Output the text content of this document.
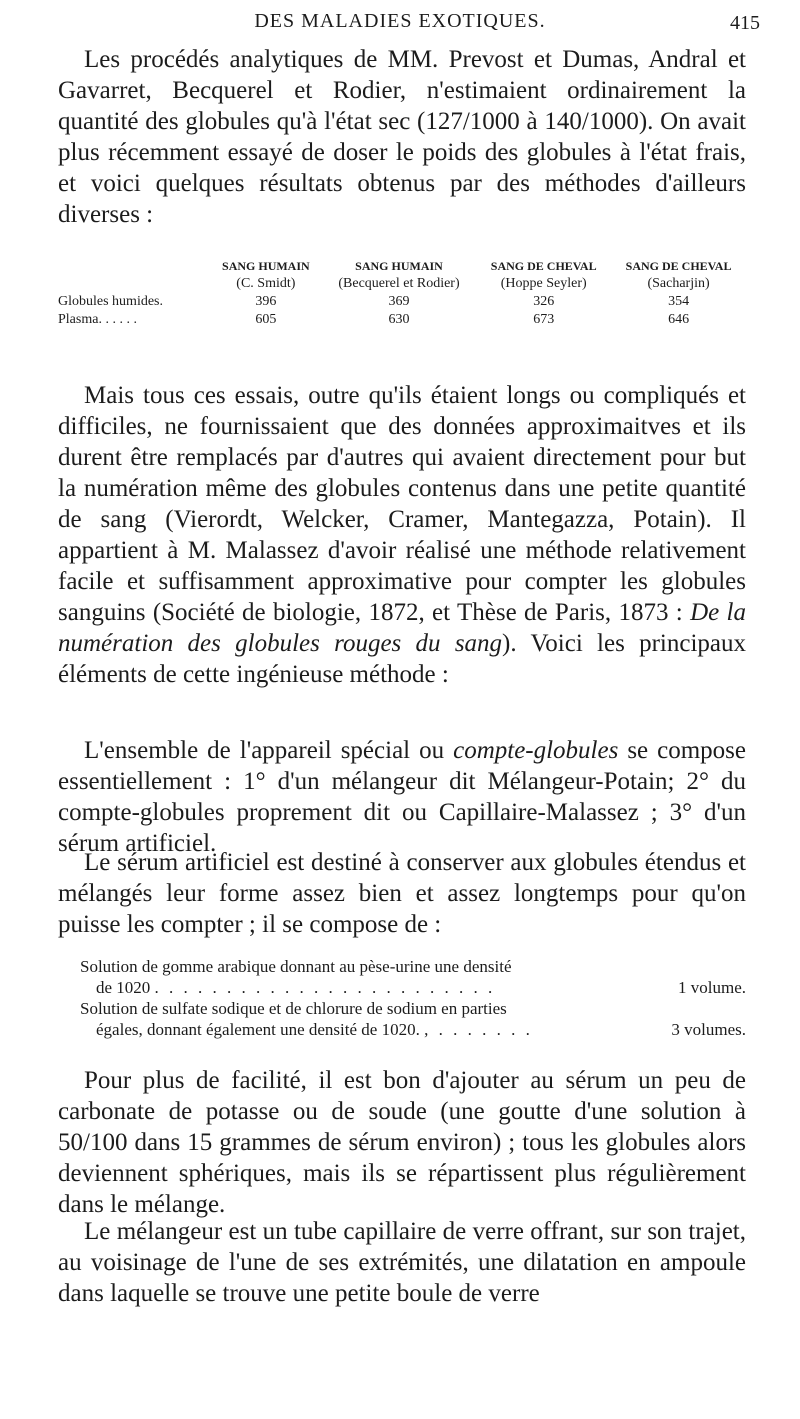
DES MALADIES EXOTIQUES.	415

Les procédés analytiques de MM. Prevost et Dumas, Andral et Gavarret, Becquerel et Rodier, n'estimaient ordinairement la quantité des globules qu'à l'état sec (127/1000 à 140/1000). On avait plus récemment essayé de doser le poids des globules à l'état frais, et voici quelques résultats obtenus par des méthodes d'ailleurs diverses :

	SANG HUMAIN	SANG HUMAIN	SANG DE CHEVAL	SANG DE CHEVAL
	(C. Smidt)	(Becquerel et Rodier)	(Hoppe Seyler)	(Sacharjin)
Globules humides.	396	369	326	354
Plasma. . . . . .	605	630	673	646

Mais tous ces essais, outre qu'ils étaient longs ou compliqués et difficiles, ne fournissaient que des données approximaitves et ils durent être remplacés par d'autres qui avaient directement pour but la numération même des globules contenus dans une petite quantité de sang (Vierordt, Welcker, Cramer, Mantegazza, Potain). Il appartient à M. Malassez d'avoir réalisé une méthode relativement facile et suffisamment approximative pour compter les globules sanguins (Société de biologie, 1872, et Thèse de Paris, 1873 : De la numération des globules rouges du sang). Voici les principaux éléments de cette ingénieuse méthode :

L'ensemble de l'appareil spécial ou compte-globules se compose essentiellement : 1° d'un mélangeur dit Mélangeur-Potain; 2° du compte-globules proprement dit ou Capillaire-Malassez ; 3° d'un sérum artificiel.

Le sérum artificiel est destiné à conserver aux globules étendus et mélangés leur forme assez bien et assez longtemps pour qu'on puisse les compter ; il se compose de :

Solution de gomme arabique donnant au pèse-urine une densité
de 1020 . . . . . . . . . . . . . . . . . . . . . . . .	1 volume.
Solution de sulfate sodique et de chlorure de sodium en parties
égales, donnant également une densité de 1020. , . . . . . . .	3 volumes.

Pour plus de facilité, il est bon d'ajouter au sérum un peu de carbonate de potasse ou de soude (une goutte d'une solution à 50/100 dans 15 grammes de sérum environ) ; tous les globules alors deviennent sphériques, mais ils se répartissent plus régulièrement dans le mélange.

Le mélangeur est un tube capillaire de verre offrant, sur son trajet, au voisinage de l'une de ses extrémités, une dilatation en ampoule dans laquelle se trouve une petite boule de verre
